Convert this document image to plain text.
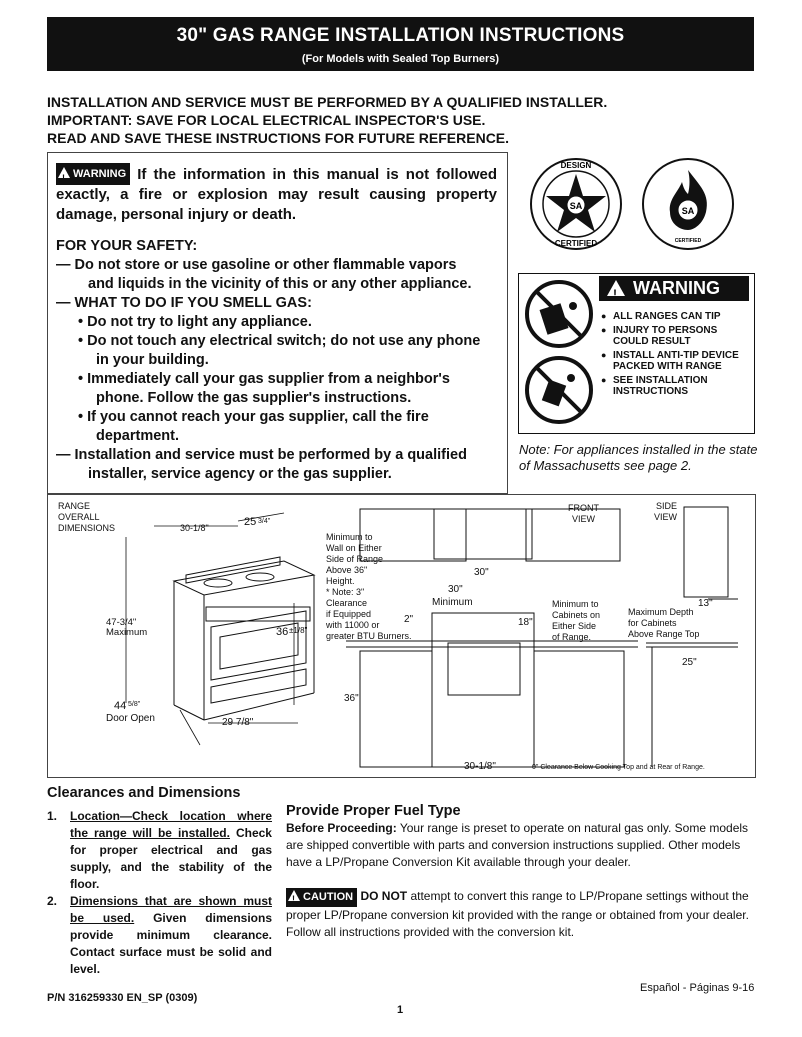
30" GAS RANGE INSTALLATION INSTRUCTIONS
(For Models with Sealed Top Burners)
INSTALLATION AND SERVICE MUST BE PERFORMED BY A QUALIFIED INSTALLER.
IMPORTANT: SAVE FOR LOCAL ELECTRICAL INSPECTOR'S USE.
READ AND SAVE THESE INSTRUCTIONS FOR FUTURE REFERENCE.
! WARNING If the information in this manual is not followed exactly, a fire or explosion may result causing property damage, personal injury or death.
FOR YOUR SAFETY:
— Do not store or use gasoline or other flammable vapors
and liquids in the vicinity of this or any other appliance.
— WHAT TO DO IF YOU SMELL GAS:
• Do not try to light any appliance.
• Do not touch any electrical switch; do not use any phone
in your building.
• Immediately call your gas supplier from a neighbor's
phone. Follow the gas supplier's instructions.
• If you cannot reach your gas supplier, call the fire
department.
— Installation and service must be performed by a qualified
installer, service agency or the gas supplier.
SA
DESIGN
CERTIFIED
SA
CERTIFIED
! WARNING
● ALL RANGES CAN TIP
● INJURY TO PERSONS COULD RESULT
● INSTALL ANTI-TIP DEVICE PACKED WITH RANGE
● SEE INSTALLATION INSTRUCTIONS
Note: For appliances installed in the state of Massachusetts see page 2.
RANGE
OVERALL
DIMENSIONS	30-1/8"	25 3/4"
47-3/4"
Maximum	36 ±1/8"
44 5/8"
Door Open	29 7/8"
Minimum to
Wall on Either
Side of Range
Above 36"
Height.
* Note: 3"
Clearance
if Equipped
with 11000 or
greater BTU Burners.
2"
30"
30"
Minimum
18"
Minimum to
Cabinets on
Either Side
of Range.
36"
30-1/8"	0" Clearance Below Cooking Top and at Rear of Range.
FRONT
VIEW
SIDE
VIEW
13"
Maximum Depth
for Cabinets
Above Range Top
25"
Clearances and Dimensions
1. Location—Check location where the range will be installed. Check for proper electrical and gas supply, and the stability of the floor.
2. Dimensions that are shown must be used. Given dimensions provide minimum clearance. Contact surface must be solid and level.
Provide Proper Fuel Type
Before Proceeding: Your range is preset to operate on natural gas only. Some models are shipped convertible with parts and conversion instructions supplied. Other models have a LP/Propane Conversion Kit available through your dealer.
! CAUTION DO NOT attempt to convert this range to LP/Propane settings without the proper LP/Propane conversion kit provided with the range or obtained from your dealer. Follow all instructions provided with the conversion kit.
Español - Páginas 9-16
P/N 316259330 EN_SP (0309)
1
